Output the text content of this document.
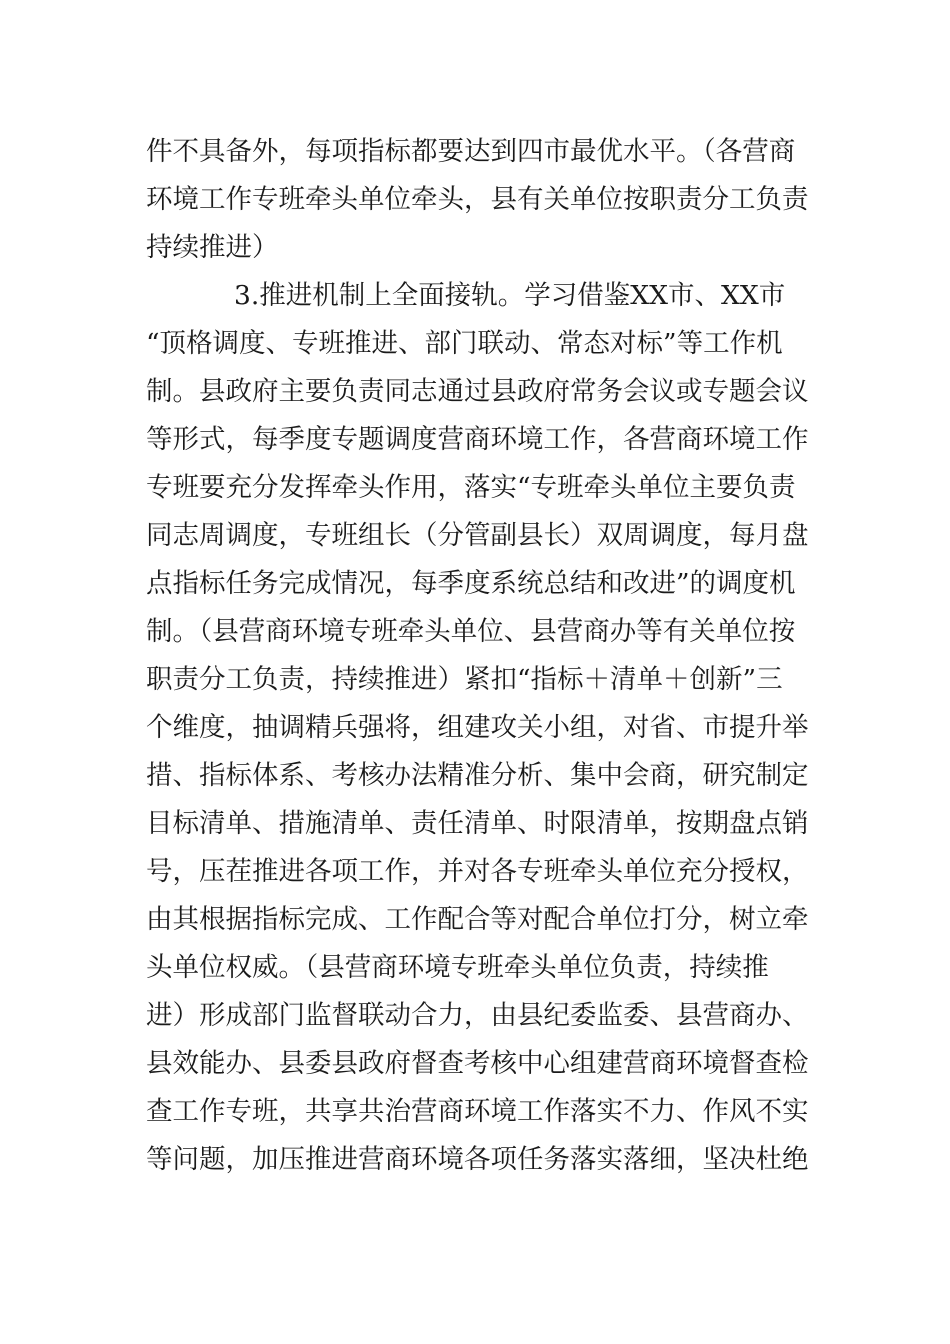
件不具备外，每项指标都要达到四市最优水平。（各营商
环境工作专班牵头单位牵头，县有关单位按职责分工负责
持续推进）
3.推进机制上全面接轨。学习借鉴XX市、XX市
“顶格调度、专班推进、部门联动、常态对标”等工作机
制。县政府主要负责同志通过县政府常务会议或专题会议
等形式，每季度专题调度营商环境工作，各营商环境工作
专班要充分发挥牵头作用，落实“专班牵头单位主要负责
同志周调度，专班组长（分管副县长）双周调度，每月盘
点指标任务完成情况，每季度系统总结和改进”的调度机
制。（县营商环境专班牵头单位、县营商办等有关单位按
职责分工负责，持续推进）紧扣“指标＋清单＋创新”三
个维度，抽调精兵强将，组建攻关小组，对省、市提升举
措、指标体系、考核办法精准分析、集中会商，研究制定
目标清单、措施清单、责任清单、时限清单，按期盘点销
号，压茬推进各项工作，并对各专班牵头单位充分授权，
由其根据指标完成、工作配合等对配合单位打分，树立牵
头单位权威。（县营商环境专班牵头单位负责，持续推
进）形成部门监督联动合力，由县纪委监委、县营商办、
县效能办、县委县政府督查考核中心组建营商环境督查检
查工作专班，共享共治营商环境工作落实不力、作风不实
等问题，加压推进营商环境各项任务落实落细，坚决杜绝
